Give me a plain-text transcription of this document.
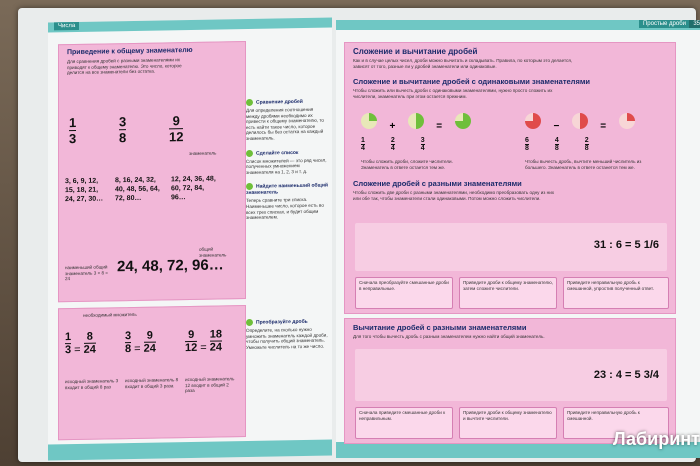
Числа
Приведение к общему знаменателю
Для сравнения дробей с разными знаменателями их приводят к общему знаменателю. Это число, которое делится на все знаменатели без остатка.
$\frac{1}{3}$	$\frac{3}{8}$	$\frac{9}{12}$
знаменатель
3, 6, 9, 12, 15, 18, 21, 24, 27, 30…
8, 16, 24, 32, 40, 48, 56, 64, 72, 80…
12, 24, 36, 48, 60, 72, 84, 96…
наименьший общий знаменатель 3 × 8 = 24
24, 48, 72, 96…
общий знаменатель
Сравнение дробей
Для определения соотношения между дробями необходимо их привести к общему знаменателю, то есть найти такое число, которое делилось бы без остатка на каждый знаменатель.
Сделайте список
Список множителей — это ряд чисел, полученных умножением знаменателя на 1, 2, 3 и т. д.
Найдите наименьший общий знаменатель
Теперь сравните три списка. Наименьшее число, которое есть во всех трех списках, и будет общим знаменателем.
необходимый множитель
$\frac{1}{3} = \frac{8}{24}$	$\frac{3}{8} = \frac{9}{24}$	$\frac{9}{12} = \frac{18}{24}$
исходный знаменатель 3 входит в общий 8 раз
исходный знаменатель 8 входит в общий 3 раза
исходный знаменатель 12 входит в общий 2 раза
Преобразуйте дробь
Определите, на сколько нужно умножить знаменатель каждой дроби, чтобы получить общий знаменатель. Умножьте числитель на то же число.
Простые дроби	35
Сложение и вычитание дробей
Как и в случае целых чисел, дроби можно вычитать и складывать. Правила, по которым это делается, зависят от того, разные ли у дробей знаменатели или одинаковые.
Сложение и вычитание дробей с одинаковыми знаменателями
Чтобы сложить или вычесть дроби с одинаковыми знаменателями, нужно просто сложить их числители, знаменатель при этом остается прежним.
+	=
$\frac{1}{4}$	$\frac{2}{4}$	$\frac{3}{4}$
−	=
$\frac{6}{8}$	$\frac{4}{8}$	$\frac{2}{8}$
Чтобы сложить дроби, сложите числители. Знаменатель в ответе остается тем же.
Чтобы вычесть дробь, вычтите меньший числитель из большего. Знаменатель в ответе останется тем же.
Сложение дробей с разными знаменателями
Чтобы сложить две дроби с разными знаменателями, необходимо преобразовать одну из них или обе так, чтобы знаменатели стали одинаковыми. Потом можно сложить числители.
31 : 6 = 5 1/6
Сначала преобразуйте смешанные дроби в неправильные.
Приведите дроби к общему знаменателю, затем сложите числители.
Приведите неправильную дробь к смешанной, упростив полученный ответ.
Вычитание дробей с разными знаменателями
Для того чтобы вычесть дробь с разным знаменателем нужно найти общий знаменатель.
23 : 4 = 5 3/4
Сначала приведите смешанные дроби к неправильным.
Приведите дроби к общему знаменателю и вычтите числители.
Приведите неправильную дробь к смешанной.
Лабиринт
